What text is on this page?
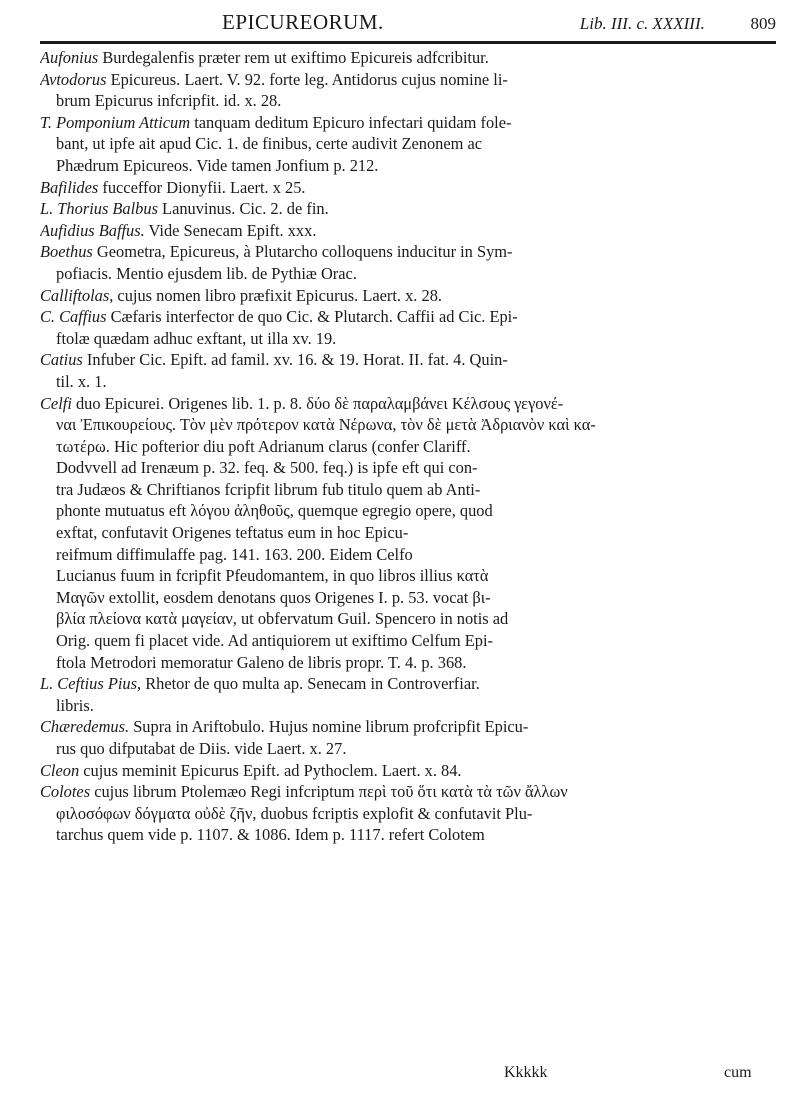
EPICUREORUM.	Lib. III. c. XXXIII.	809
Aufonius Burdegalenfis præter rem ut exiftimo Epicureis adfcribitur.
Avtodorus Epicureus. Laert. V. 92. forte leg. Antidorus cujus nomine li-
brum Epicurus infcripfit. id. x. 28.
T. Pomponium Atticum tanquam deditum Epicuro infectari quidam fole-
bant, ut ipfe ait apud Cic. 1. de finibus, certe audivit Zenonem ac
Phædrum Epicureos. Vide tamen Jonfium p. 212.
Bafilides fucceffor Dionyfii. Laert. x 25.
L. Thorius Balbus Lanuvinus. Cic. 2. de fin.
Aufidius Baffus. Vide Senecam Epift. xxx.
Boethus Geometra, Epicureus, à Plutarcho colloquens inducitur in Sym-
pofiacis. Mentio ejusdem lib. de Pythiæ Orac.
Calliftolas, cujus nomen libro præfixit Epicurus. Laert. x. 28.
C. Caffius Cæfaris interfector de quo Cic. & Plutarch. Caffii ad Cic. Epi-
ftolæ quædam adhuc exftant, ut illa xv. 19.
Catius Infuber Cic. Epift. ad famil. xv. 16. & 19. Horat. II. fat. 4. Quin-
til. x. 1.
Celfi duo Epicurei. Origenes lib. 1. p. 8. δύο δὲ παραλαμβάνει Κέλσους γεγονέ-
ναι Ἐπικουρείους. Τὸν μὲν πρότερον κατὰ Νέρωνα, τὸν δὲ μετὰ Ἀδριανὸν καὶ κα-
τωτέρω. Hic pofterior diu poft Adrianum clarus (confer Clariff.
Dodvvell ad Irenæum p. 32. feq. & 500. feq.) is ipfe eft qui con-
tra Judæos & Chriftianos fcripfit librum fub titulo quem ab Anti-
phonte mutuatus eft λόγου ἀληθοῦς, quemque egregio opere, quod
exftat, confutavit Origenes teftatus eum in hoc Epicu-
reifmum diffimulaffe pag. 141. 163. 200. Eidem Celfo
Lucianus fuum in fcripfit Pfeudomantem, in quo libros illius κατὰ
Μαγῶν extollit, eosdem denotans quos Origenes I. p. 53. vocat βι-
βλία πλείονα κατὰ μαγείαν, ut obfervatum Guil. Spencero in notis ad
Orig. quem fi placet vide. Ad antiquiorem ut exiftimo Celfum Epi-
ftola Metrodori memoratur Galeno de libris propr. T. 4. p. 368.
L. Ceftius Pius, Rhetor de quo multa ap. Senecam in Controverfiar.
libris.
Chæredemus. Supra in Ariftobulo. Hujus nomine librum profcripfit Epicu-
rus quo difputabat de Diis. vide Laert. x. 27.
Cleon cujus meminit Epicurus Epift. ad Pythoclem. Laert. x. 84.
Colotes cujus librum Ptolemæo Regi infcriptum περὶ τοῦ ὅτι κατὰ τὰ τῶν ἄλλων
φιλοσόφων δόγματα οὐδὲ ζῆν, duobus fcriptis explofit & confutavit Plu-
tarchus quem vide p. 1107. & 1086. Idem p. 1117. refert Colotem
Kkkkk	cum
